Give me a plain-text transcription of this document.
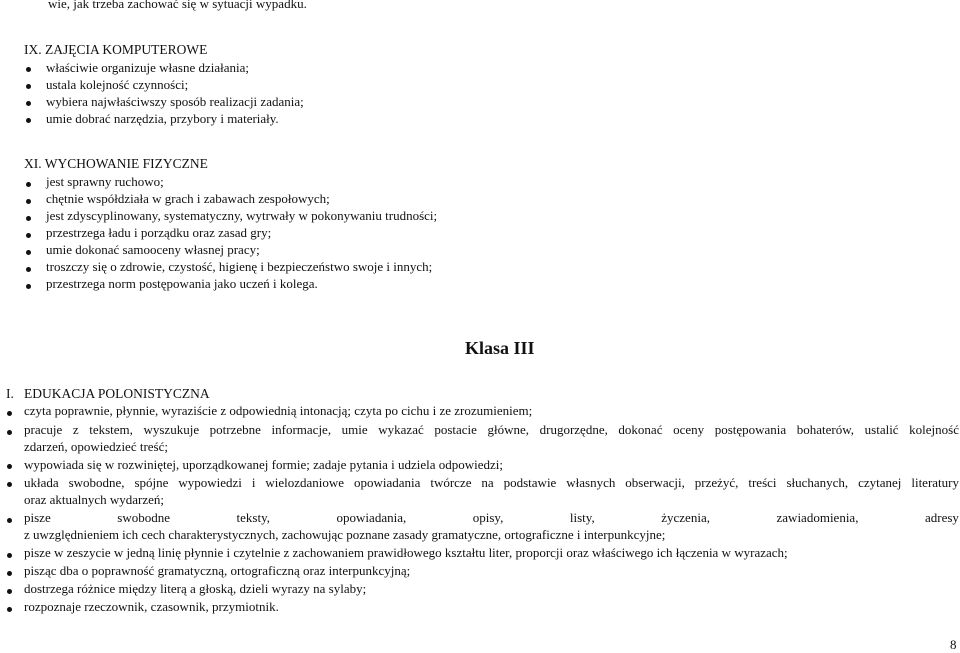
wie, jak trzeba zachować się w sytuacji wypadku.
IX. ZAJĘCIA KOMPUTEROWE
właściwie organizuje własne działania;
ustala kolejność czynności;
wybiera najwłaściwszy sposób realizacji zadania;
umie dobrać narzędzia, przybory i materiały.
XI. WYCHOWANIE FIZYCZNE
jest sprawny ruchowo;
chętnie współdziała w grach i zabawach zespołowych;
jest zdyscyplinowany, systematyczny, wytrwały w pokonywaniu trudności;
przestrzega ładu i porządku oraz zasad gry;
umie dokonać samooceny własnej pracy;
troszczy się o zdrowie, czystość, higienę i bezpieczeństwo swoje i innych;
przestrzega norm postępowania jako uczeń i kolega.
Klasa III
I.   EDUKACJA POLONISTYCZNA
czyta poprawnie, płynnie, wyraziście z odpowiednią intonacją; czyta po cichu i ze zrozumieniem;
pracuje z tekstem, wyszukuje potrzebne informacje, umie wykazać postacie główne, drugorzędne, dokonać oceny postępowania bohaterów, ustalić kolejność
zdarzeń, opowiedzieć treść;
wypowiada się w rozwiniętej, uporządkowanej formie; zadaje pytania i udziela odpowiedzi;
układa swobodne, spójne wypowiedzi i wielozdaniowe opowiadania twórcze na podstawie własnych obserwacji, przeżyć, treści słuchanych, czytanej literatury
oraz aktualnych wydarzeń;
pisze	swobodne	teksty,	opowiadania,	opisy,	listy,	życzenia,	zawiadomienia,	adresy
z uwzględnieniem ich cech charakterystycznych, zachowując poznane zasady gramatyczne, ortograficzne i interpunkcyjne;
pisze w zeszycie w jedną linię płynnie i czytelnie z zachowaniem prawidłowego kształtu liter, proporcji oraz właściwego ich łączenia w wyrazach;
pisząc dba o poprawność gramatyczną, ortograficzną oraz interpunkcyjną;
dostrzega różnice między literą a głoską, dzieli wyrazy na sylaby;
rozpoznaje rzeczownik, czasownik, przymiotnik.
8
